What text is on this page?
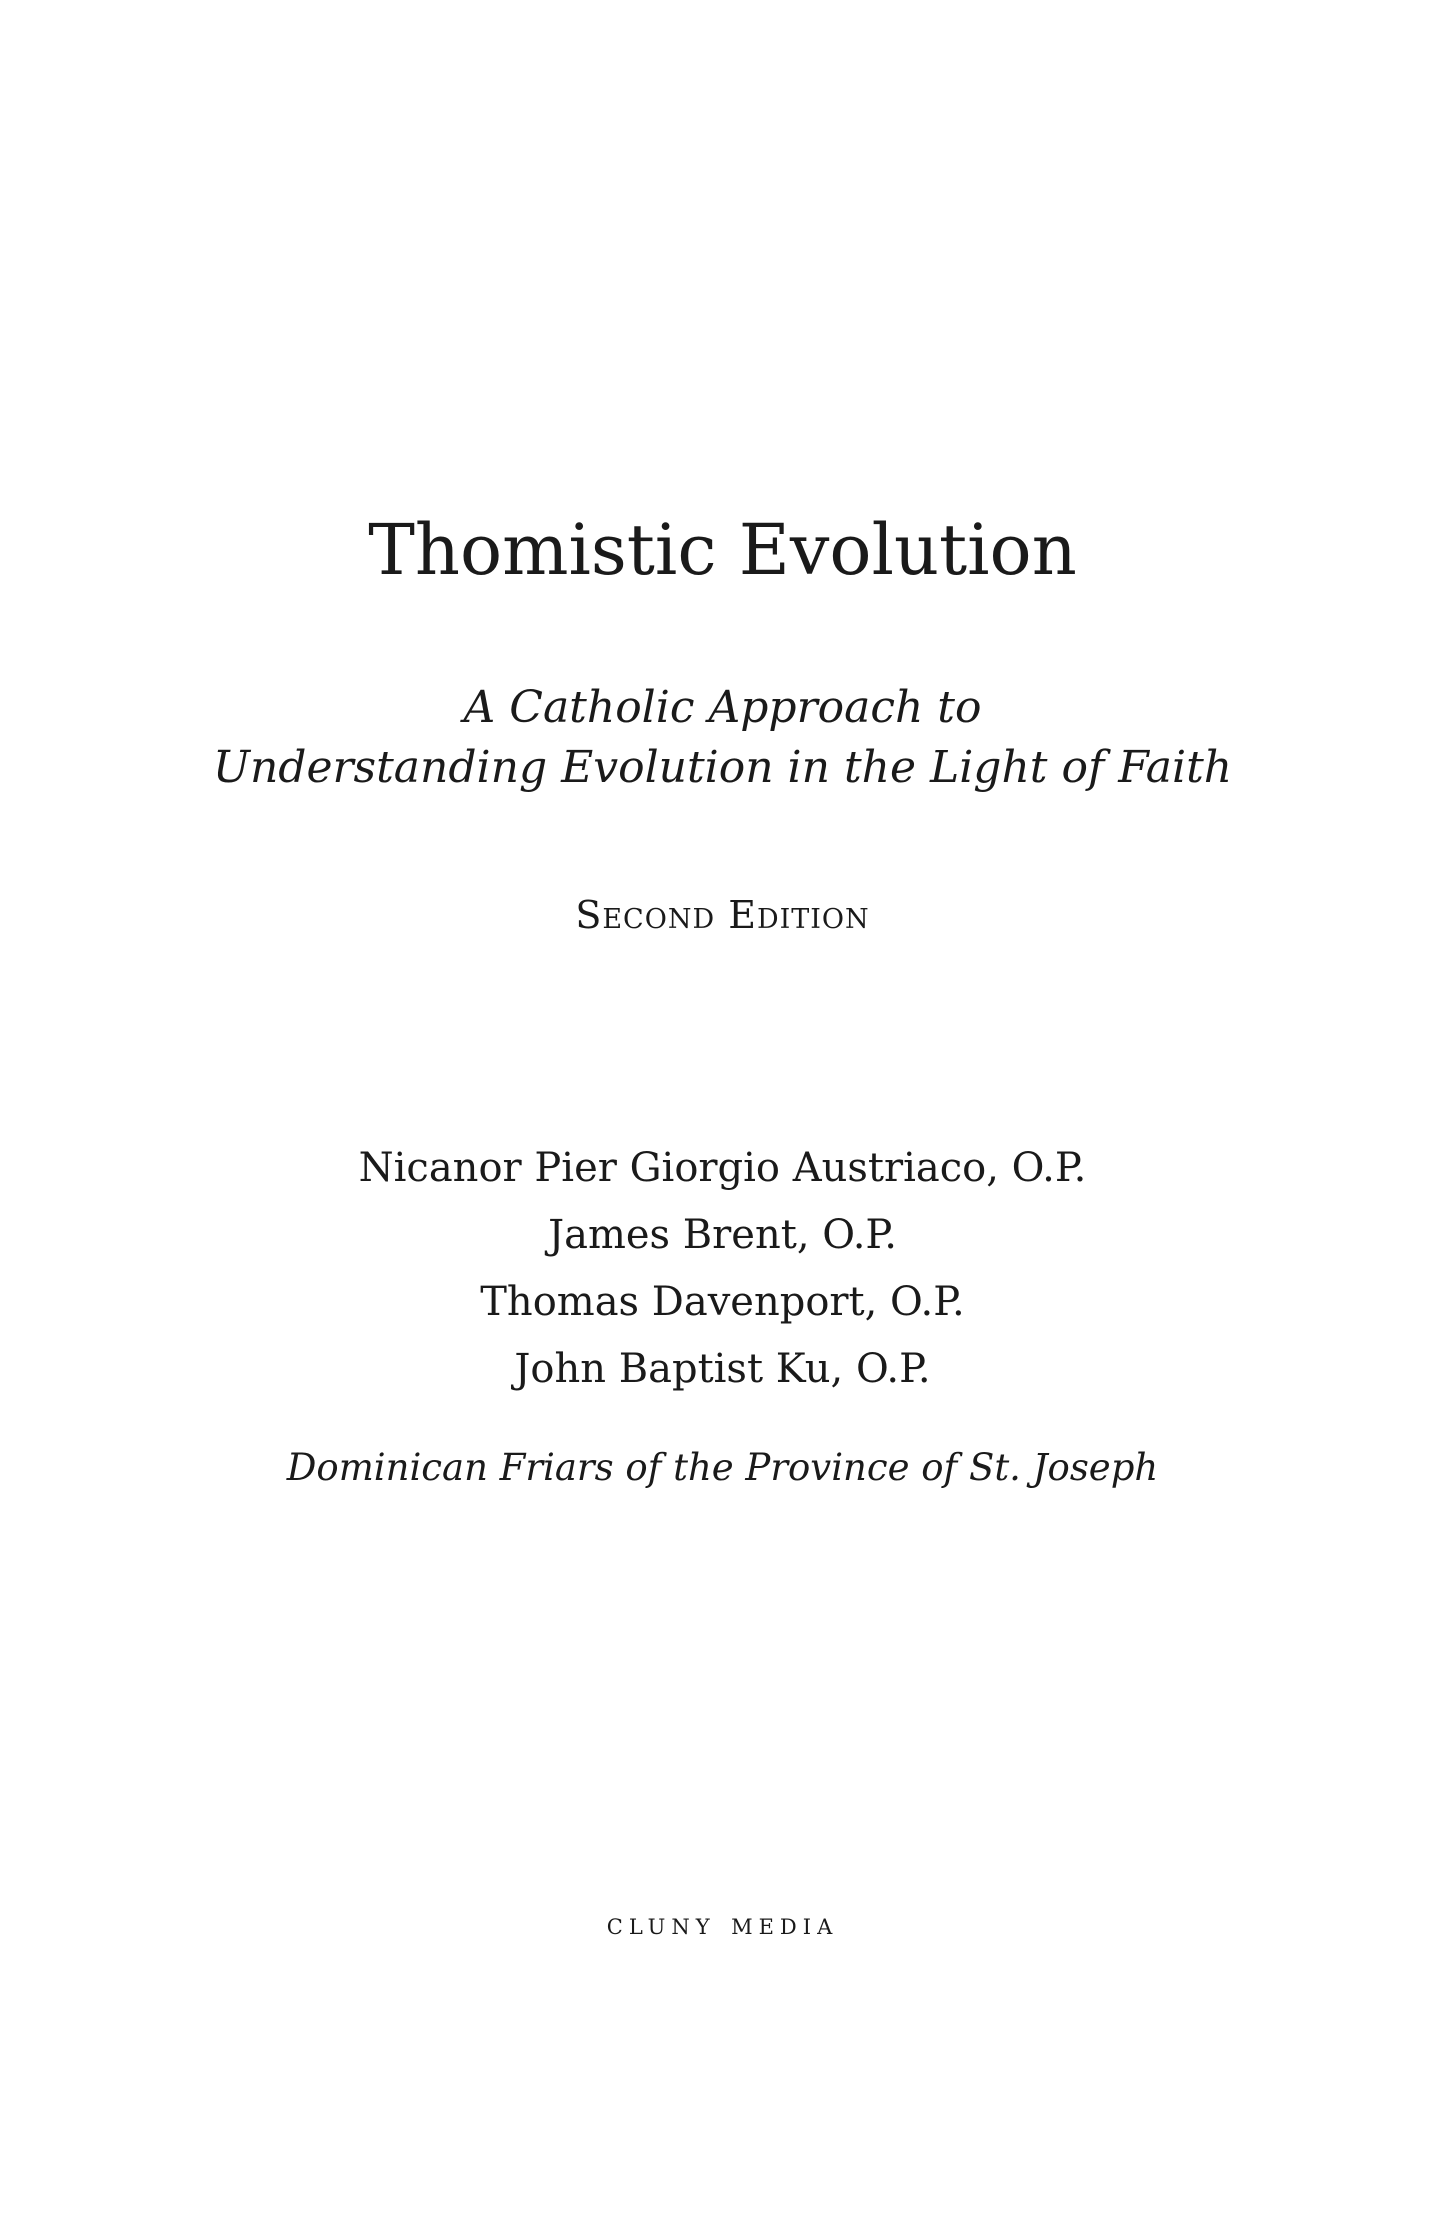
Thomistic Evolution
A Catholic Approach to
Understanding Evolution in the Light of Faith
Second Edition
Nicanor Pier Giorgio Austriaco, O.P.
James Brent, O.P.
Thomas Davenport, O.P.
John Baptist Ku, O.P.
Dominican Friars of the Province of St. Joseph
cluny media
